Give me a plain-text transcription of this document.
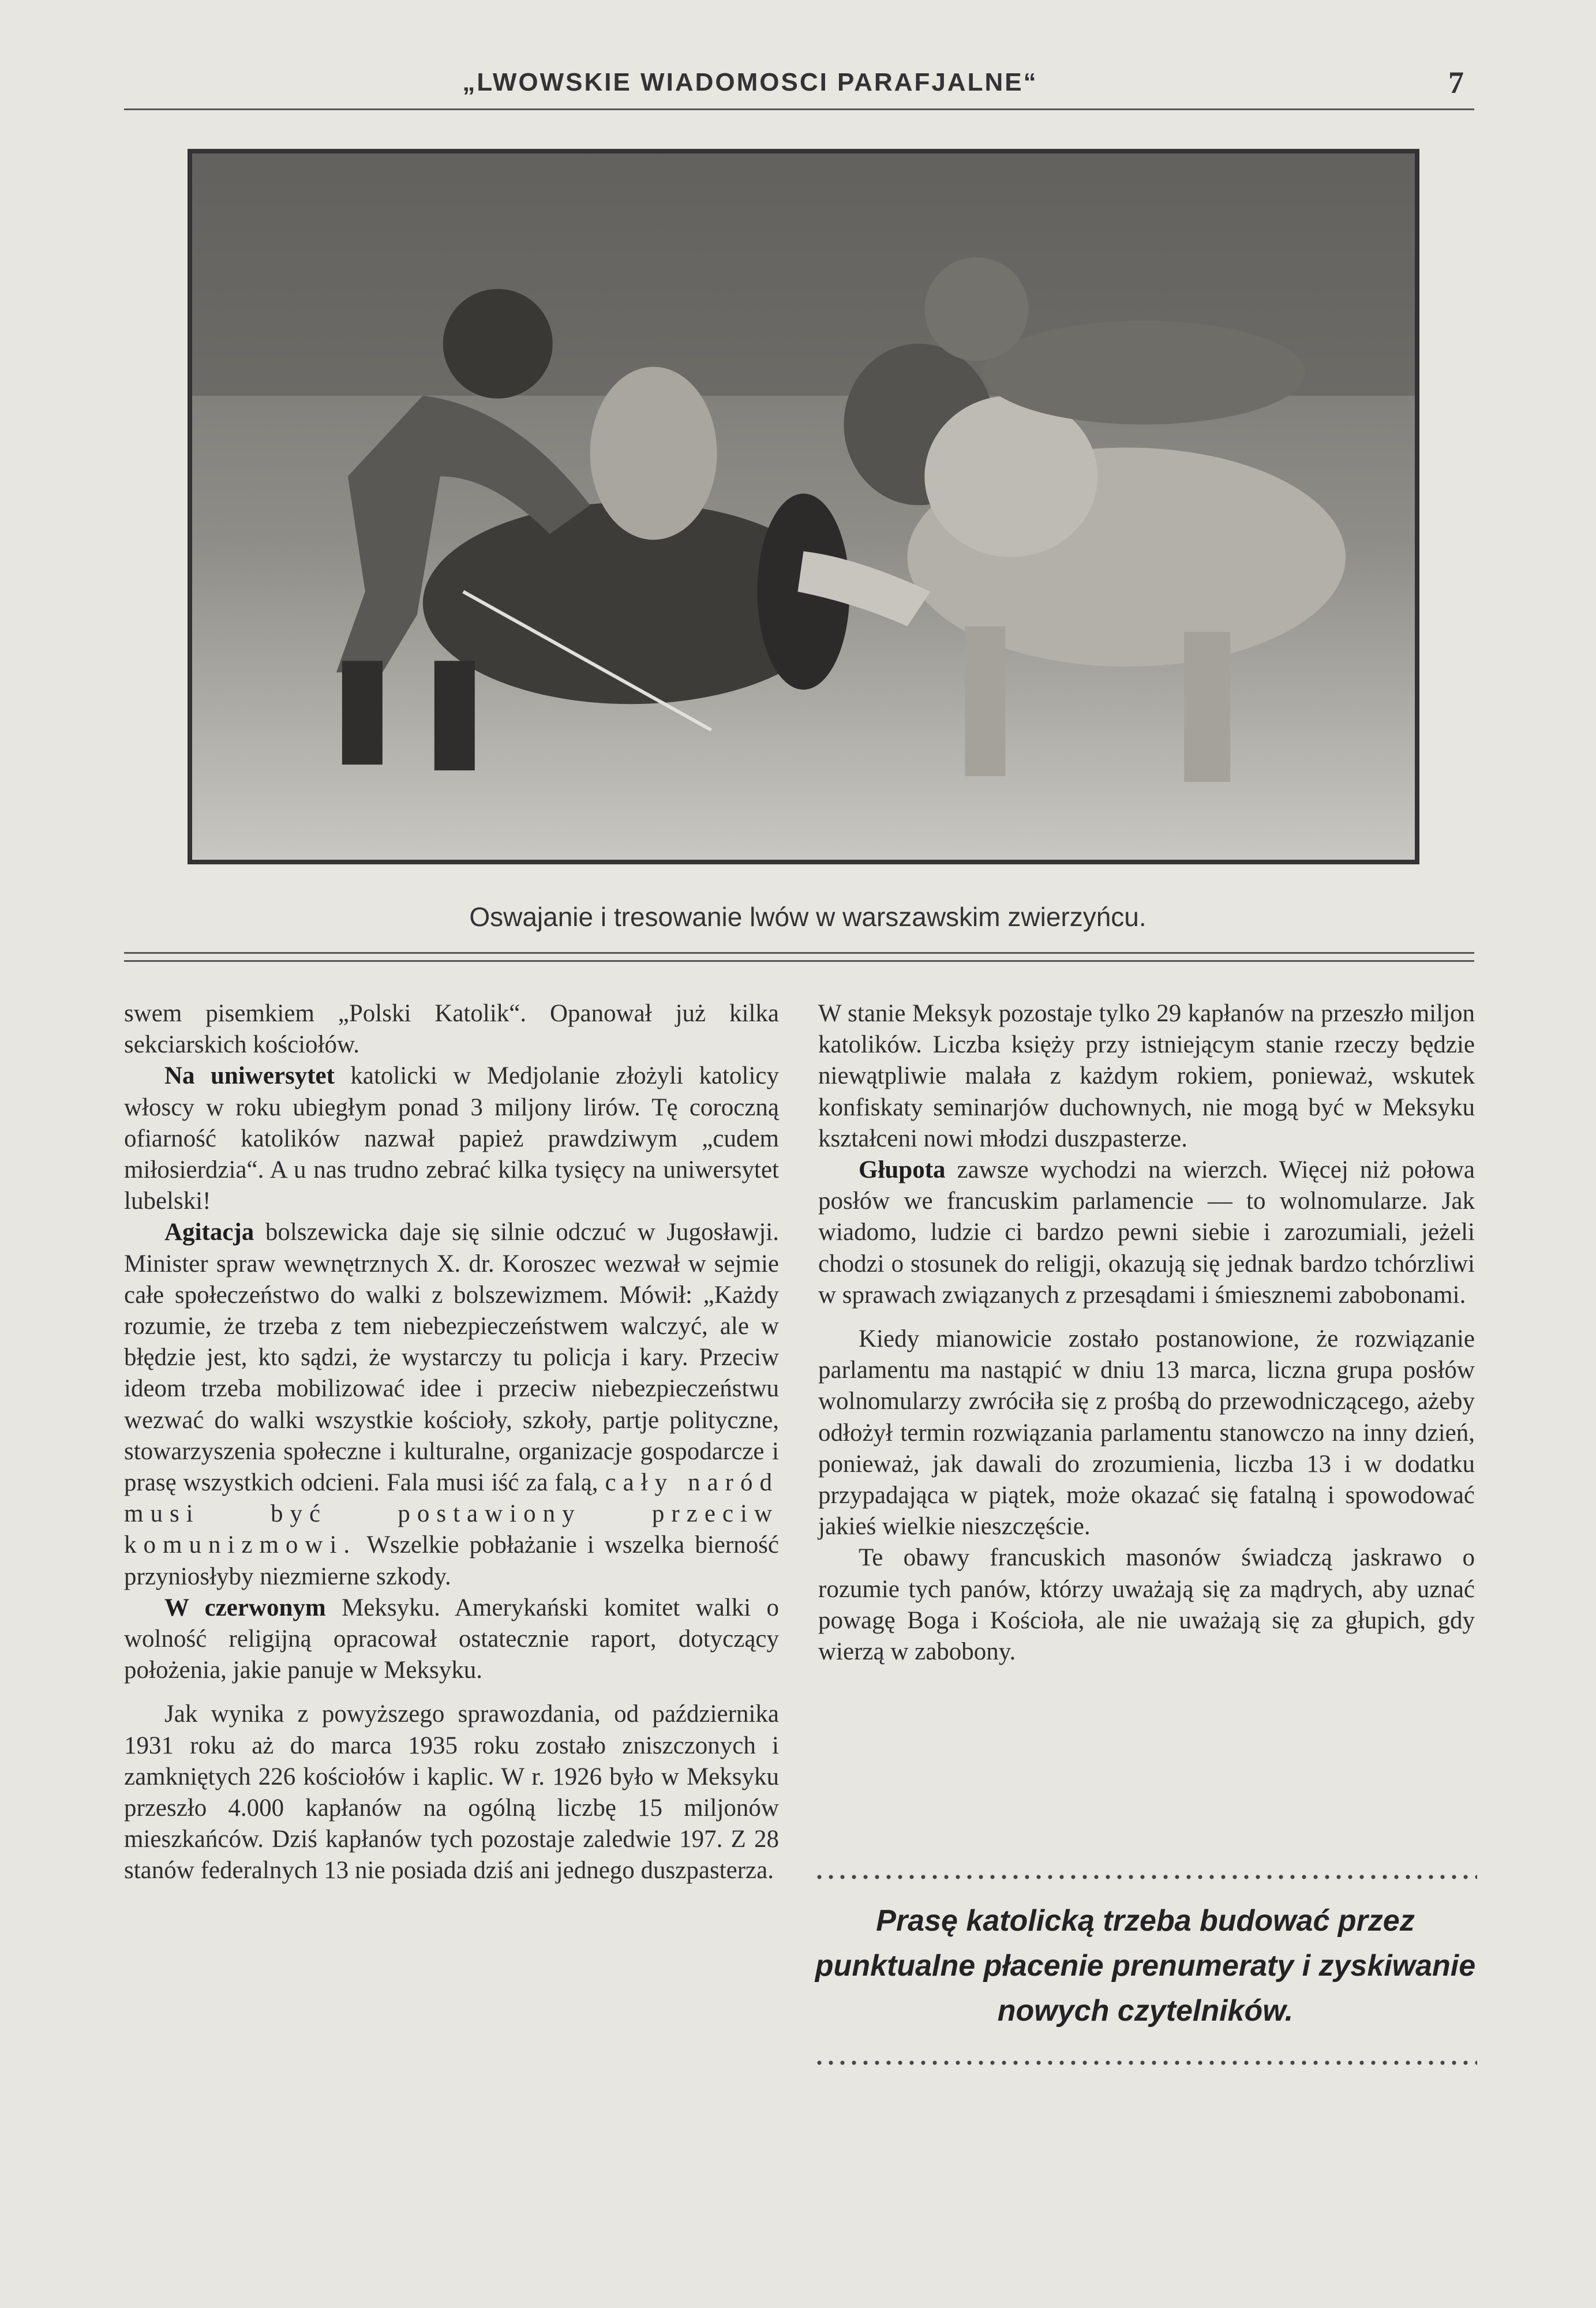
„LWOWSKIE WIADOMOSCI PARAFJALNE“	7
Oswajanie i tresowanie lwów w warszawskim zwierzyńcu.

swem pisemkiem „Polski Katolik“. Opanował już kilka sekciarskich kościołów.

Na uniwersytet katolicki w Medjolanie złożyli katolicy włoscy w roku ubiegłym ponad 3 miljony lirów. Tę coroczną ofiarność katolików nazwał papież prawdziwym „cudem miłosierdzia“. A u nas trudno zebrać kilka tysięcy na uniwersytet lubelski!

Agitacja bolszewicka daje się silnie odczuć w Jugosławji. Minister spraw wewnętrznych X. dr. Koroszec wezwał w sejmie całe społeczeństwo do walki z bolszewizmem. Mówił: „Każdy rozumie, że trzeba z tem niebezpieczeństwem walczyć, ale w błędzie jest, kto sądzi, że wystarczy tu policja i kary. Przeciw ideom trzeba mobilizować idee i przeciw niebezpieczeństwu wezwać do walki wszystkie kościoły, szkoły, partje polityczne, stowarzyszenia społeczne i kulturalne, organizacje gospodarcze i prasę wszystkich odcieni. Fala musi iść za falą, cały naród musi być postawiony przeciw komunizmowi. Wszelkie pobłażanie i wszelka bierność przyniosłyby niezmierne szkody.

W czerwonym Meksyku. Amerykański komitet walki o wolność religijną opracował ostatecznie raport, dotyczący położenia, jakie panuje w Meksyku.

Jak wynika z powyższego sprawozdania, od października 1931 roku aż do marca 1935 roku zostało zniszczonych i zamkniętych 226 kościołów i kaplic. W r. 1926 było w Meksyku przeszło 4.000 kapłanów na ogólną liczbę 15 miljonów mieszkańców. Dziś kapłanów tych pozostaje zaledwie 197. Z 28 stanów federalnych 13 nie posiada dziś ani jednego duszpasterza.

W stanie Meksyk pozostaje tylko 29 kapłanów na przeszło miljon katolików. Liczba księży przy istniejącym stanie rzeczy będzie niewątpliwie malała z każdym rokiem, ponieważ, wskutek konfiskaty seminarjów duchownych, nie mogą być w Meksyku kształceni nowi młodzi duszpasterze.

Głupota zawsze wychodzi na wierzch. Więcej niż połowa posłów we francuskim parlamencie — to wolnomularze. Jak wiadomo, ludzie ci bardzo pewni siebie i zarozumiali, jeżeli chodzi o stosunek do religji, okazują się jednak bardzo tchórzliwi w sprawach związanych z przesądami i śmiesznemi zabobonami.

Kiedy mianowicie zostało postanowione, że rozwiązanie parlamentu ma nastąpić w dniu 13 marca, liczna grupa posłów wolnomularzy zwróciła się z prośbą do przewodniczącego, ażeby odłożył termin rozwiązania parlamentu stanowczo na inny dzień, ponieważ, jak dawali do zrozumienia, liczba 13 i w dodatku przypadająca w piątek, może okazać się fatalną i spowodować jakieś wielkie nieszczęście.

Te obawy francuskich masonów świadczą jaskrawo o rozumie tych panów, którzy uważają się za mądrych, aby uznać powagę Boga i Kościoła, ale nie uważają się za głupich, gdy wierzą w zabobony.

Prasę katolicką trzeba budować przez punktualne płacenie prenumeraty i zyskiwanie nowych czytelników.
